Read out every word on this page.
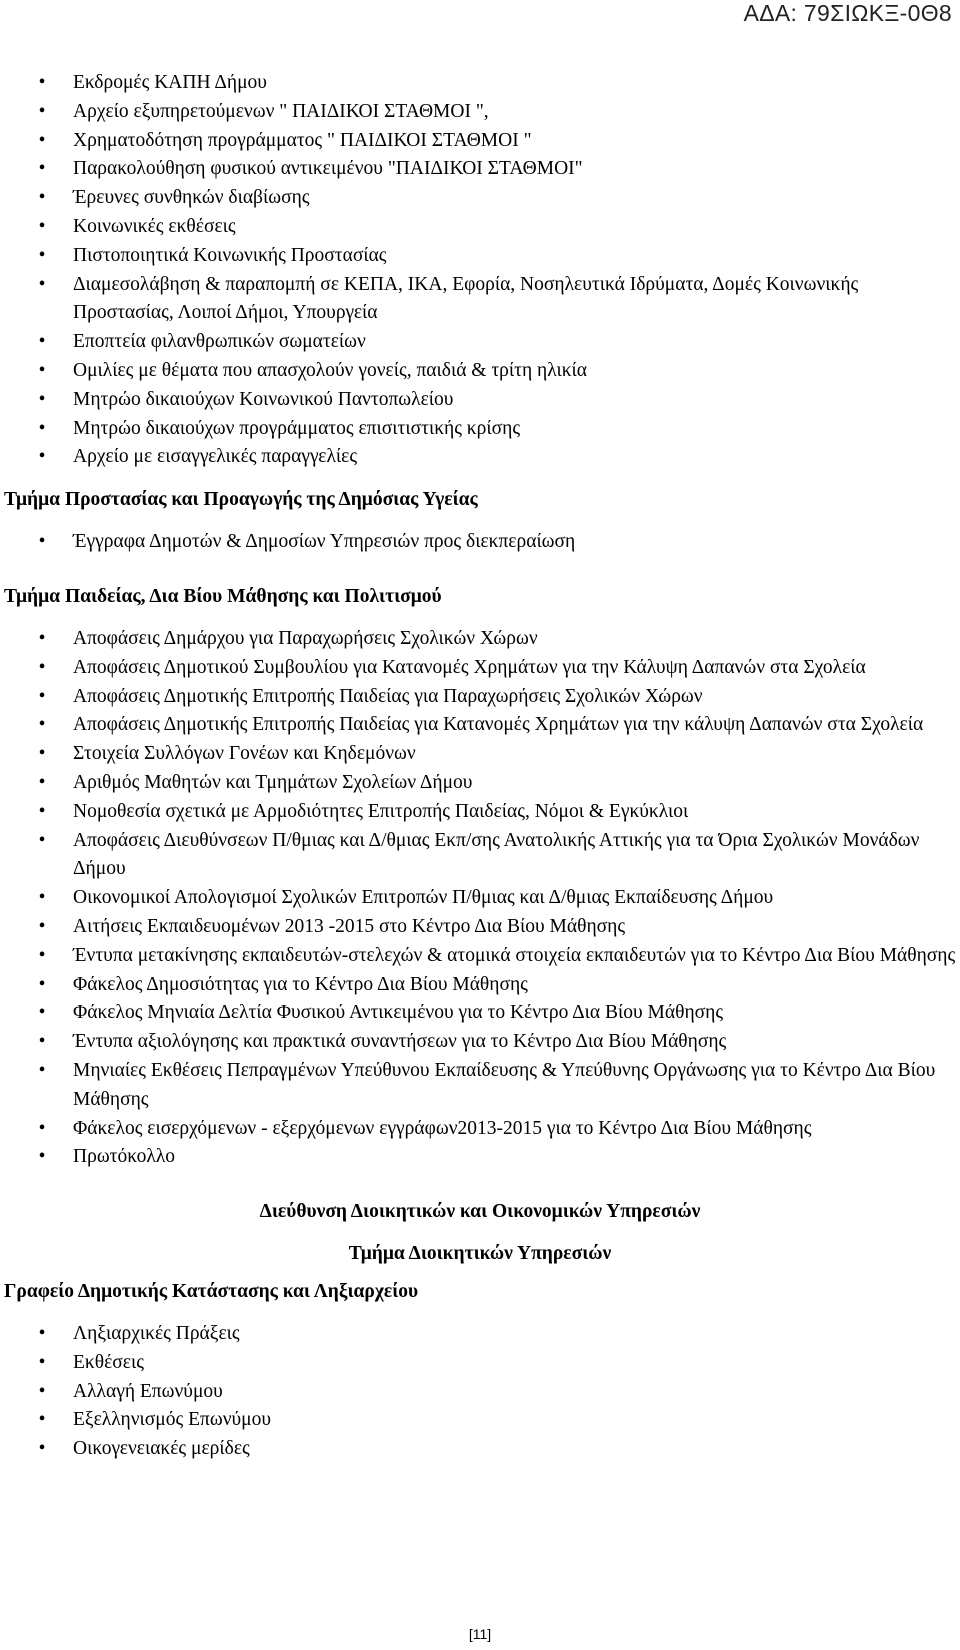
ΑΔΑ: 79ΣΙΩΚΞ-0Θ8
• Εκδρομές ΚΑΠΗ Δήμου
• Αρχείο εξυπηρετούμενων " ΠΑΙΔΙΚΟΙ ΣΤΑΘΜΟΙ ",
• Χρηματοδότηση προγράμματος " ΠΑΙΔΙΚΟΙ ΣΤΑΘΜΟΙ "
• Παρακολούθηση φυσικού αντικειμένου "ΠΑΙΔΙΚΟΙ ΣΤΑΘΜΟΙ"
• Έρευνες συνθηκών διαβίωσης
• Κοινωνικές εκθέσεις
• Πιστοποιητικά Κοινωνικής Προστασίας
• Διαμεσολάβηση & παραπομπή σε ΚΕΠΑ, ΙΚΑ, Εφορία, Νοσηλευτικά Ιδρύματα, Δομές Κοινωνικής Προστασίας, Λοιποί Δήμοι, Υπουργεία
• Εποπτεία φιλανθρωπικών σωματείων
• Ομιλίες με θέματα που απασχολούν γονείς, παιδιά & τρίτη ηλικία
• Μητρώο δικαιούχων Κοινωνικού Παντοπωλείου
• Μητρώο δικαιούχων προγράμματος επισιτιστικής κρίσης
• Αρχείο με εισαγγελικές παραγγελίες
Τμήμα Προστασίας και Προαγωγής της Δημόσιας Υγείας
• Έγγραφα Δημοτών & Δημοσίων Υπηρεσιών προς διεκπεραίωση
Τμήμα Παιδείας, Δια Βίου Μάθησης και Πολιτισμού
• Αποφάσεις Δημάρχου για Παραχωρήσεις Σχολικών Χώρων
• Αποφάσεις Δημοτικού Συμβουλίου για Κατανομές Χρημάτων για την Κάλυψη Δαπανών στα Σχολεία
• Αποφάσεις Δημοτικής Επιτροπής Παιδείας για Παραχωρήσεις Σχολικών Χώρων
• Αποφάσεις Δημοτικής Επιτροπής Παιδείας για Κατανομές Χρημάτων για την κάλυψη Δαπανών στα Σχολεία
• Στοιχεία Συλλόγων Γονέων και Κηδεμόνων
• Αριθμός Μαθητών και Τμημάτων Σχολείων Δήμου
• Νομοθεσία σχετικά με Αρμοδιότητες Επιτροπής Παιδείας, Νόμοι & Εγκύκλιοι
• Αποφάσεις Διευθύνσεων Π/θμιας και Δ/θμιας Εκπ/σης Ανατολικής Αττικής για τα Όρια Σχολικών Μονάδων Δήμου
• Οικονομικοί Απολογισμοί Σχολικών Επιτροπών Π/θμιας και Δ/θμιας Εκπαίδευσης Δήμου
• Αιτήσεις Εκπαιδευομένων 2013 -2015 στο Κέντρο Δια Βίου Μάθησης
• Έντυπα μετακίνησης εκπαιδευτών-στελεχών & ατομικά στοιχεία εκπαιδευτών για το Κέντρο Δια Βίου Μάθησης
• Φάκελος Δημοσιότητας για το Κέντρο Δια Βίου Μάθησης
• Φάκελος Μηνιαία Δελτία Φυσικού Αντικειμένου για το Κέντρο Δια Βίου Μάθησης
• Έντυπα αξιολόγησης και πρακτικά συναντήσεων για το Κέντρο Δια Βίου Μάθησης
• Μηνιαίες Εκθέσεις Πεπραγμένων Υπεύθυνου Εκπαίδευσης & Υπεύθυνης Οργάνωσης για το Κέντρο Δια Βίου Μάθησης
• Φάκελος εισερχόμενων - εξερχόμενων εγγράφων2013-2015 για το Κέντρο Δια Βίου Μάθησης
• Πρωτόκολλο
Διεύθυνση Διοικητικών και Οικονομικών Υπηρεσιών
Τμήμα Διοικητικών Υπηρεσιών
Γραφείο Δημοτικής Κατάστασης και Ληξιαρχείου
• Ληξιαρχικές Πράξεις
• Εκθέσεις
• Αλλαγή Επωνύμου
• Εξελληνισμός Επωνύμου
• Οικογενειακές μερίδες
[11]
